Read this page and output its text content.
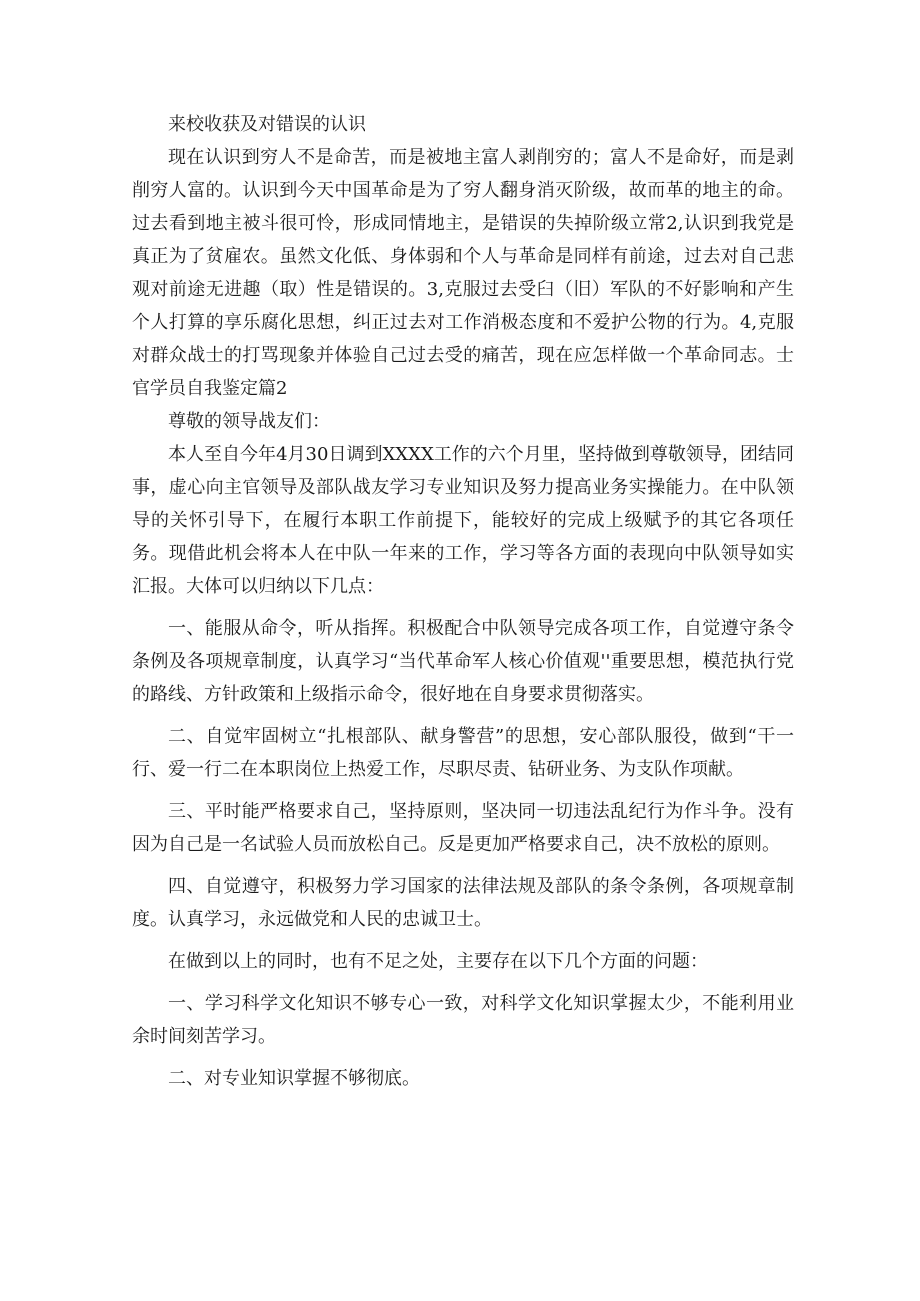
来校收获及对错误的认识

现在认识到穷人不是命苦，而是被地主富人剥削穷的；富人不是命好，而是剥削穷人富的。认识到今天中国革命是为了穷人翻身消灭阶级，故而革的地主的命。过去看到地主被斗很可怜，形成同情地主，是错误的失掉阶级立常2,认识到我党是真正为了贫雇农。虽然文化低、身体弱和个人与革命是同样有前途，过去对自己悲观对前途无进趣（取）性是错误的。3,克服过去受臼（旧）军队的不好影响和产生个人打算的享乐腐化思想，纠正过去对工作消极态度和不爱护公物的行为。4,克服对群众战士的打骂现象并体验自己过去受的痛苦，现在应怎样做一个革命同志。士官学员自我鉴定篇2

尊敬的领导战友们：

本人至自今年4月30日调到XXXX工作的六个月里，坚持做到尊敬领导，团结同事，虚心向主官领导及部队战友学习专业知识及努力提高业务实操能力。在中队领导的关怀引导下，在履行本职工作前提下，能较好的完成上级赋予的其它各项任务。现借此机会将本人在中队一年来的工作，学习等各方面的表现向中队领导如实汇报。大体可以归纳以下几点：

一、能服从命令，听从指挥。积极配合中队领导完成各项工作，自觉遵守条令条例及各项规章制度，认真学习“当代革命军人核心价值观''重要思想，模范执行党的路线、方针政策和上级指示命令，很好地在自身要求贯彻落实。

二、自觉牢固树立“扎根部队、献身警营”的思想，安心部队服役，做到“干一行、爱一行二在本职岗位上热爱工作，尽职尽责、钻研业务、为支队作项献。

三、平时能严格要求自己，坚持原则，坚决同一切违法乱纪行为作斗争。没有因为自己是一名试验人员而放松自己。反是更加严格要求自己，决不放松的原则。

四、自觉遵守，积极努力学习国家的法律法规及部队的条令条例，各项规章制度。认真学习，永远做党和人民的忠诚卫士。

在做到以上的同时，也有不足之处，主要存在以下几个方面的问题：

一、学习科学文化知识不够专心一致，对科学文化知识掌握太少，不能利用业余时间刻苦学习。

二、对专业知识掌握不够彻底。
